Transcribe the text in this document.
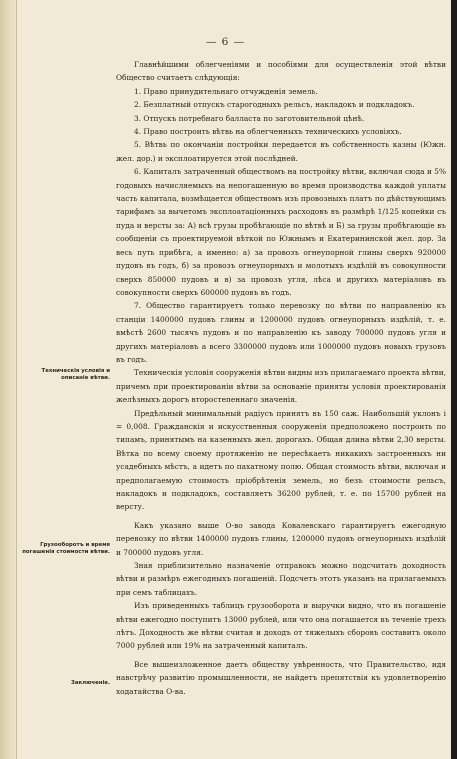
— 6 —
Техническія условія и описаніе вѣтви.
Грузооборотъ и время погашенія стоимости вѣтви.
Заключеніе.

Главнѣйшими облегченіями и пособіями для осуществленія этой вѣтви Общество считаетъ слѣдующія:

1. Право принудительнаго отчужденія земель.

2. Безплатный отпускъ старогодныхъ рельсъ, накладокъ и подкладокъ.

3. Отпускъ потребнаго балласта по заготовительной цѣнѣ.

4. Право построить вѣтвь на облегченныхъ техническихъ условіяхъ.

5. Вѣтвь по окончаніи постройки передается въ собственность казны (Южн. жел. дор.) и эксплоатируется этой послѣдней.

6. Капиталъ затраченный обществомъ на постройку вѣтви, включая сюда и 5% годовыхъ начисляемыхъ на непогашенную во время производства каждой уплаты часть капитала, возмѣщается обществомъ изъ провозныхъ платъ по дѣйствующимъ тарифамъ за вычетомъ эксплоатаціонныхъ расходовъ въ размѣрѣ 1/125 копейки съ пуда и версты за: А) всѣ грузы пробѣгающіе по вѣтвѣ и Б) за грузы пробѣгающіе въ сообщеніи съ проектируемой вѣткой по Южнымъ и Екатерининской жел. дор. За весь путь прибѣга, а именно: а) за провозъ огнеупорной глины сверхъ 920000 пудовъ въ годъ, б) за провозъ огнеупорныхъ и молотыхъ издѣлій въ совокупности сверхъ 850000 пудовъ и в) за провозъ угля, лѣса и другихъ матеріаловъ въ совокупности сверхъ 600000 пудовъ въ годъ.

7. Общество гарантируетъ только перевозку по вѣтви по направленію къ станціи 1400000 пудовъ глины и 1200000 пудовъ огнеупорныхъ издѣлій, т. е. вмѣстѣ 2600 тысячъ пудовъ и по направленію къ заводу 700000 пудовъ угля и другихъ матеріаловъ а всего 3300000 пудовъ или 1000000 пудовъ новыхъ грузовъ въ годъ.

Техническія условія сооруженія вѣтви видны изъ прилагаемаго проекта вѣтви, причемъ при проектированіи вѣтви за основаніе приняты условія проектированія желѣзныхъ дорогъ второстепеннаго значенія.

Предѣльный минимальный радіусъ принятъ въ 150 саж. Наибольшій уклонъ i = 0,008. Гражданскія и искусственныя сооруженія предположено построить по типамъ, принятымъ на казенныхъ жел. дорогахъ. Общая длина вѣтви 2,30 версты. Вѣтка по всему своему протяженію не пересѣкаетъ никакихъ застроенныхъ ни усадебныхъ мѣстъ, а идетъ по пахатному полю. Общая стоимость вѣтви, включая и предполагаемую стоимость пріобрѣтенія земель, но безъ стоимости рельсъ, накладокъ и подкладокъ, составляетъ 36200 рублей, т. е. по 15700 рублей на версту.

Какъ указано выше О-во завода Ковалевскаго гарантируетъ ежегодную перевозку по вѣтви 1400000 пудовъ глины, 1200000 пудовъ огнеупорныхъ издѣлій и 700000 пудовъ угля.

Зная приблизительно назначеніе отправокъ можно подсчитать доходность вѣтви и размѣръ ежегодныхъ погашеній. Подсчетъ этотъ указанъ на прилагаемыхъ при семъ таблицахъ.

Изъ приведенныхъ таблицъ грузооборота и выручки видно, что въ погашеніе вѣтви ежегодно поступитъ 13000 рублей, или что она погашается въ теченіе трехъ лѣтъ. Доходность же вѣтви считая и доходъ от тяжелыхъ сборовъ составитъ около 7000 рублей или 19% на затраченный капиталъ.

Все вышеизложенное даетъ обществу увѣренность, что Правительство, идя навстрѣчу развитію промышленности, не найдетъ препятствія къ удовлетворенію ходатайства О-ва.
